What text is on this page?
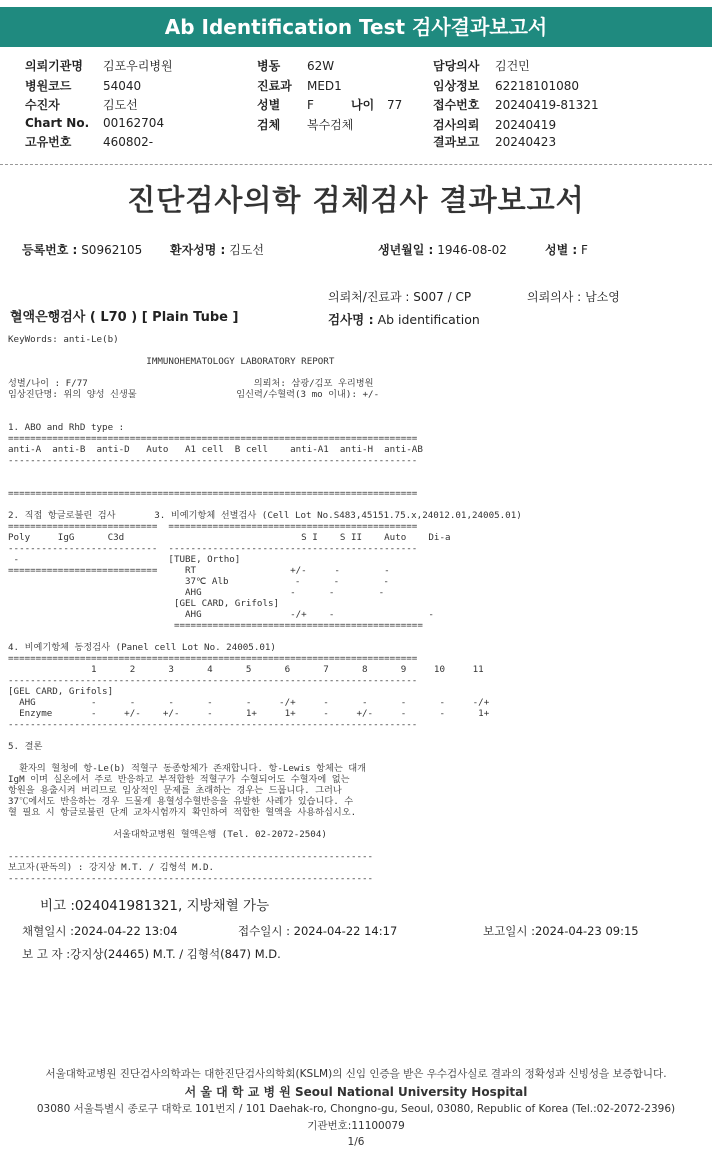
Ab Identification Test 검사결과보고서
의뢰기관명 김포우리병원
병원코드	54040
수진자	김도선
Chart No. 00162704
고유번호	460802-
병동 62W
진료과 MED1
성별 F	나이 77
검체 복수검체
담당의사 김건민
임상정보 62218101080
접수번호 20240419-81321
검사의뢰 20240419
결과보고 20240423
진단검사의학 검체검사 결과보고서
등록번호 : S0962105 환자성명 : 김도선	생년월일 : 1946-08-02	성별 : F
의뢰처/진료과 : S007 / CP	의뢰의사 : 남소영
혈액은행검사 ( L70 ) [ Plain Tube ]	검사명 : Ab identification
KeyWords: anti-Le(b)

IMMUNOHEMATOLOGY LABORATORY REPORT

성별/나이 : F/77                              의뢰처: 삼광/김포 우리병원
임상진단명: 위의 양성 신생물                  임신력/수혈력(3 mo 이내): +/-

1. ABO and RhD type :
==========================================================================
anti-A  anti-B  anti-D   Auto   A1 cell  B cell    anti-A1  anti-H  anti-AB
--------------------------------------------------------------------------

==========================================================================

2. 직접 항글로불린 검사       3. 비예기항체 선별검사 (Cell Lot No.S483,45151.75.x,24012.01,24005.01)
===========================  =============================================
Poly     IgG      C3d                                S I    S II    Auto    Di-a
---------------------------  ---------------------------------------------
-                           [TUBE, Ortho]
===========================     RT                 +/-     -        -
37℃ Alb            -      -        -
AHG                -      -        -
[GEL CARD, Grifols]
AHG                -/+    -                 -
=============================================

4. 비예기항체 동정검사 (Panel cell Lot No. 24005.01)
==========================================================================
1      2      3      4      5      6      7      8      9     10     11
--------------------------------------------------------------------------
[GEL CARD, Grifols]
AHG          -      -      -      -      -     -/+     -      -      -      -     -/+
Enzyme       -     +/-    +/-     -      1+     1+     -     +/-     -      -      1+
--------------------------------------------------------------------------

5. 결론

환자의 혈청에 항-Le(b) 적혈구 동종항체가 존재합니다. 항-Lewis 항체는 대개
IgM 이며 실온에서 주로 반응하고 부적합한 적혈구가 수혈되어도 수혈자에 없는
항원을 용출시켜 버리므로 임상적인 문제를 초래하는 경우는 드뭅니다. 그러나
37℃에서도 반응하는 경우 드물게 용혈성수혈반응을 유발한 사례가 있습니다. 수
혈 필요 시 항글로불린 단계 교차시험까지 확인하여 적합한 혈액을 사용하십시오.

서울대학교병원 혈액은행 (Tel. 02-2072-2504)

------------------------------------------------------------------
보고자(판독의) : 강지상 M.T. / 김형석 M.D.
------------------------------------------------------------------
비고 :024041981321, 지방채혈 가능
채혈일시 :2024-04-22 13:04	접수일시 : 2024-04-22 14:17	보고일시 :2024-04-23 09:15
보 고 자 :강지상(24465) M.T. / 김형석(847) M.D.
서울대학교병원 진단검사의학과는 대한진단검사의학회(KSLM)의 신임 인증을 받은 우수검사실로 결과의 정확성과 신빙성을 보증합니다.
서 울 대 학 교 병 원 Seoul National University Hospital
03080 서울특별시 종로구 대학로 101번지 / 101 Daehak-ro, Chongno-gu, Seoul, 03080, Republic of Korea (Tel.:02-2072-2396)
기관번호:11100079
1/6
